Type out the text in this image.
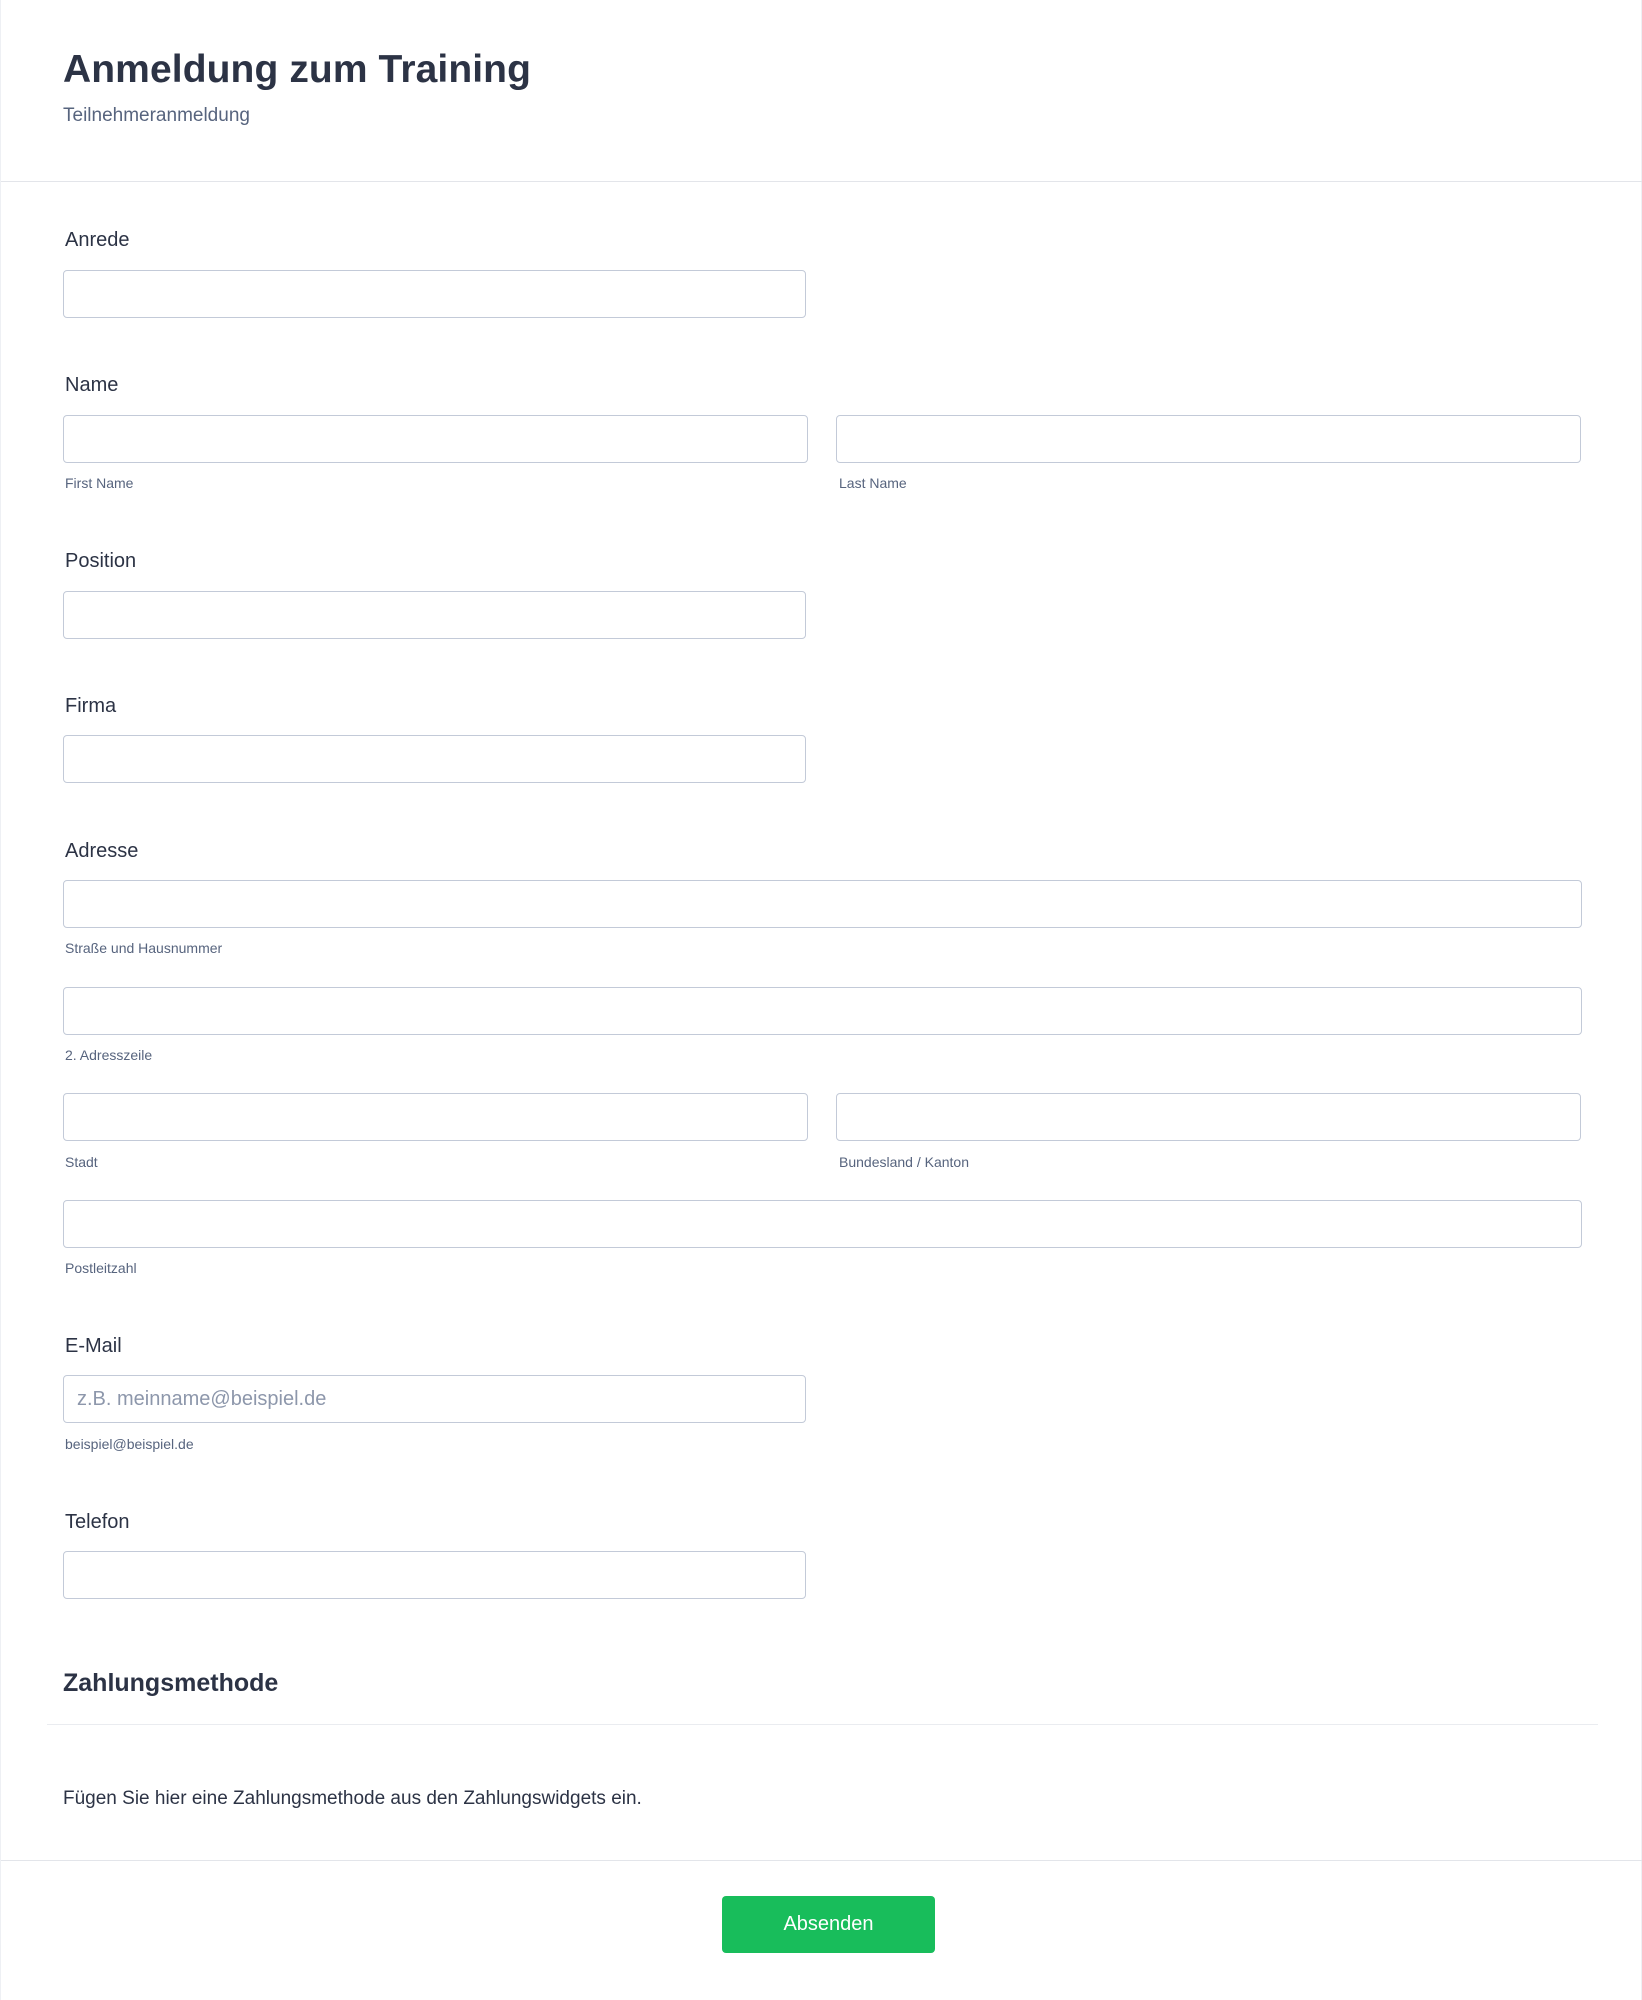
Anmeldung zum Training

Teilnehmeranmeldung

Anrede
Name

First Name	Last Name

Position
Firma
Adresse

Straße und Hausnummer

2. Adresszeile

Stadt	Bundesland / Kanton

Postleitzahl

E-Mail
z.B. meinname@beispiel.de

beispiel@beispiel.de

Telefon
Zahlungsmethode

Fügen Sie hier eine Zahlungsmethode aus den Zahlungswidgets ein.

Absenden
